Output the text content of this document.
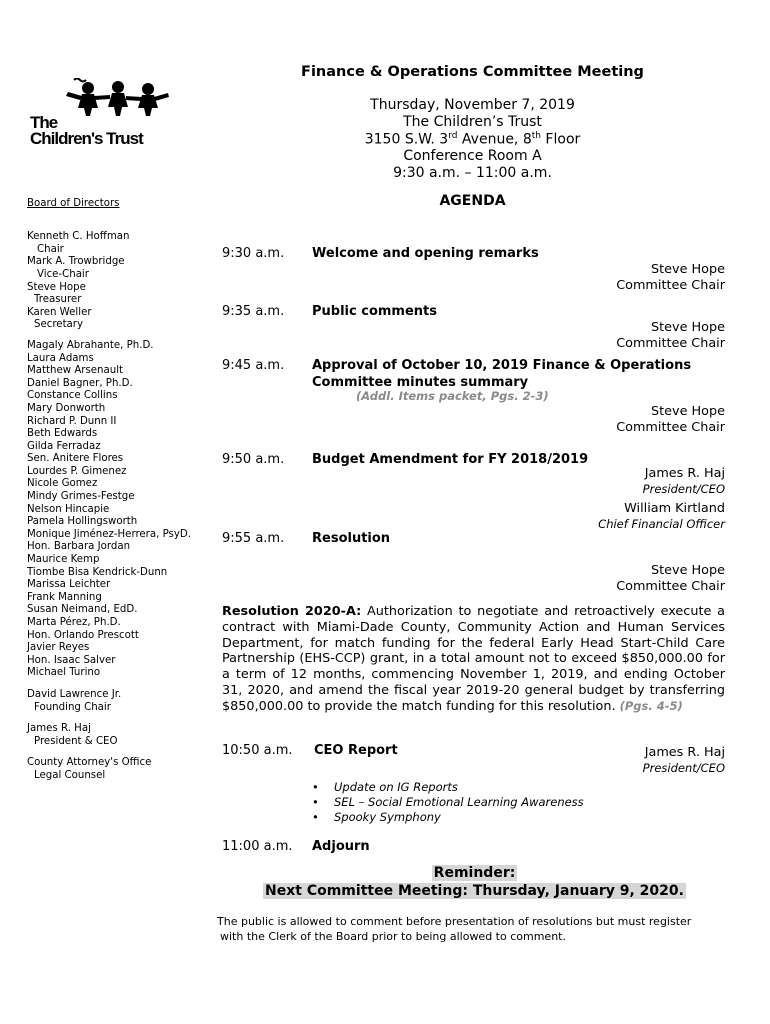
The
Children's Trust
Finance & Operations Committee Meeting
Thursday, November 7, 2019
The Children’s Trust
3150 S.W. 3rd Avenue, 8th Floor
Conference Room A
9:30 a.m. – 11:00 a.m.
AGENDA
Board of Directors
Kenneth C. Hoffman
Chair
Mark A. Trowbridge
Vice-Chair
Steve Hope
Treasurer
Karen Weller
Secretary
Magaly Abrahante, Ph.D.
Laura Adams
Matthew Arsenault
Daniel Bagner, Ph.D.
Constance Collins
Mary Donworth
Richard P. Dunn II
Beth Edwards
Gilda Ferradaz
Sen. Anitere Flores
Lourdes P. Gimenez
Nicole Gomez
Mindy Grimes-Festge
Nelson Hincapie
Pamela Hollingsworth
Monique Jiménez-Herrera, PsyD.
Hon. Barbara Jordan
Maurice Kemp
Tiombe Bisa Kendrick-Dunn
Marissa Leichter
Frank Manning
Susan Neimand, EdD.
Marta Pérez, Ph.D.
Hon. Orlando Prescott
Javier Reyes
Hon. Isaac Salver
Michael Turino
David Lawrence Jr.
Founding Chair
James R. Haj
President & CEO
County Attorney's Office
Legal Counsel
9:30 a.m. Welcome and opening remarks
Steve Hope
Committee Chair
9:35 a.m. Public comments
Steve Hope
Committee Chair
9:45 a.m. Approval of October 10, 2019 Finance & Operations
Committee minutes summary
(Addl. Items packet, Pgs. 2-3)
Steve Hope
Committee Chair
9:50 a.m. Budget Amendment for FY 2018/2019
James R. Haj
President/CEO
William Kirtland
Chief Financial Officer
9:55 a.m. Resolution
Steve Hope
Committee Chair
Resolution 2020-A: Authorization to negotiate and retroactively execute a contract with Miami-Dade County, Community Action and Human Services Department, for match funding for the federal Early Head Start-Child Care Partnership (EHS-CCP) grant, in a total amount not to exceed $850,000.00 for a term of 12 months, commencing November 1, 2019, and ending October 31, 2020, and amend the fiscal year 2019-20 general budget by transferring $850,000.00 to provide the match funding for this resolution. (Pgs. 4-5)
10:50 a.m. CEO Report	James R. Haj
President/CEO
• Update on IG Reports
• SEL – Social Emotional Learning Awareness
• Spooky Symphony
11:00 a.m. Adjourn
Reminder:
Next Committee Meeting: Thursday, January 9, 2020.
The public is allowed to comment before presentation of resolutions but must register
with the Clerk of the Board prior to being allowed to comment.
